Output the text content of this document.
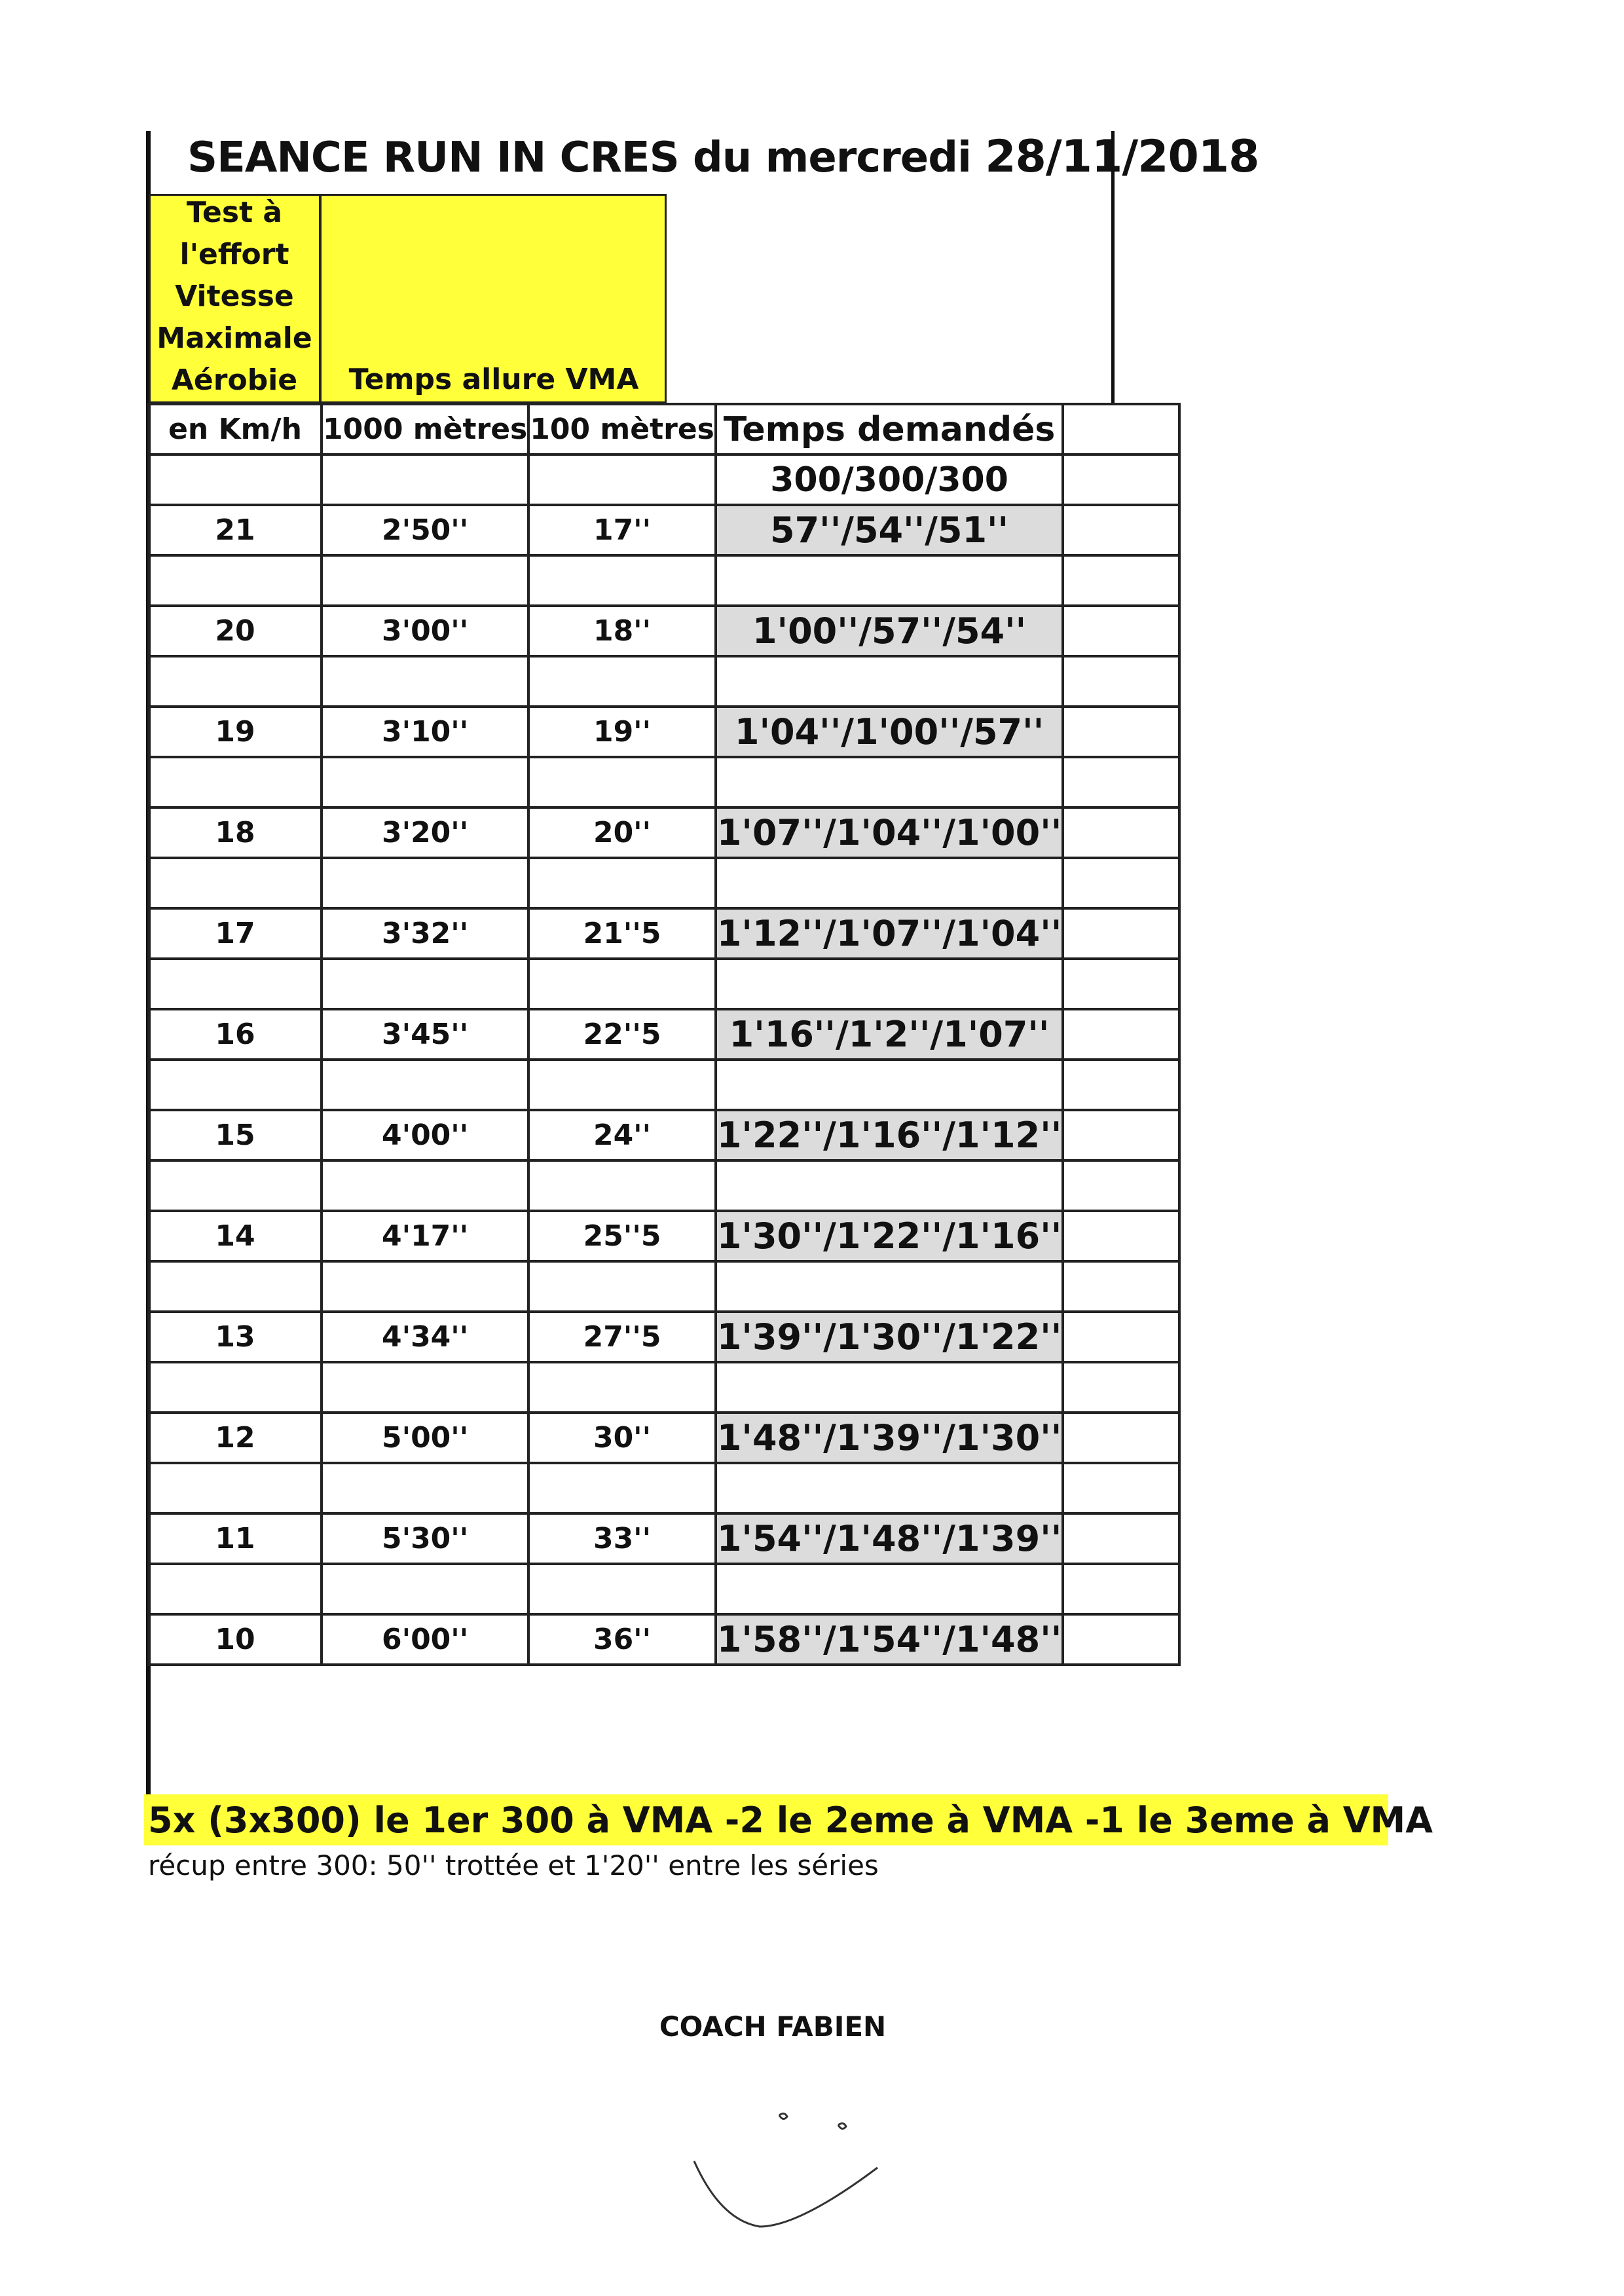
SEANCE RUN IN CRES du mercredi 28/11/2018
Test à
l'effort
Vitesse
Maximale
Aérobie	Temps allure VMA
en Km/h	1000 mètres	100 mètres	Temps demandés	
			300/300/300	
21	2'50''	17''	57''/54''/51''	

20	3'00''	18''	1'00''/57''/54''	

19	3'10''	19''	1'04''/1'00''/57''	

18	3'20''	20''	1'07''/1'04''/1'00''	

17	3'32''	21''5	1'12''/1'07''/1'04''	

16	3'45''	22''5	1'16''/1'2''/1'07''	

15	4'00''	24''	1'22''/1'16''/1'12''	

14	4'17''	25''5	1'30''/1'22''/1'16''	

13	4'34''	27''5	1'39''/1'30''/1'22''	

12	5'00''	30''	1'48''/1'39''/1'30''	

11	5'30''	33''	1'54''/1'48''/1'39''	

10	6'00''	36''	1'58''/1'54''/1'48''	
5x (3x300) le 1er 300 à VMA -2 le 2eme à VMA -1 le 3eme à VMA
récup entre 300: 50'' trottée et 1'20'' entre les séries
COACH FABIEN
